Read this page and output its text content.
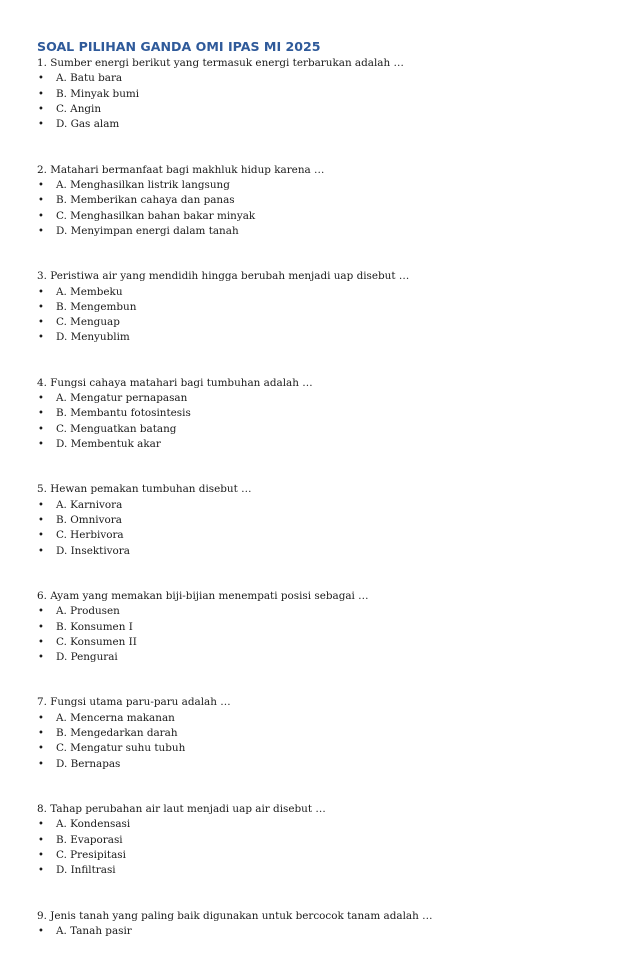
SOAL PILIHAN GANDA OMI IPAS MI 2025

1. Sumber energi berikut yang termasuk energi terbarukan adalah …

• A. Batu bara
• B. Minyak bumi
• C. Angin
• D. Gas alam

2. Matahari bermanfaat bagi makhluk hidup karena …

• A. Menghasilkan listrik langsung
• B. Memberikan cahaya dan panas
• C. Menghasilkan bahan bakar minyak
• D. Menyimpan energi dalam tanah

3. Peristiwa air yang mendidih hingga berubah menjadi uap disebut …

• A. Membeku
• B. Mengembun
• C. Menguap
• D. Menyublim

4. Fungsi cahaya matahari bagi tumbuhan adalah …

• A. Mengatur pernapasan
• B. Membantu fotosintesis
• C. Menguatkan batang
• D. Membentuk akar

5. Hewan pemakan tumbuhan disebut …

• A. Karnivora
• B. Omnivora
• C. Herbivora
• D. Insektivora

6. Ayam yang memakan biji-bijian menempati posisi sebagai …

• A. Produsen
• B. Konsumen I
• C. Konsumen II
• D. Pengurai

7. Fungsi utama paru-paru adalah …

• A. Mencerna makanan
• B. Mengedarkan darah
• C. Mengatur suhu tubuh
• D. Bernapas

8. Tahap perubahan air laut menjadi uap air disebut …

• A. Kondensasi
• B. Evaporasi
• C. Presipitasi
• D. Infiltrasi

9. Jenis tanah yang paling baik digunakan untuk bercocok tanam adalah …

• A. Tanah pasir
